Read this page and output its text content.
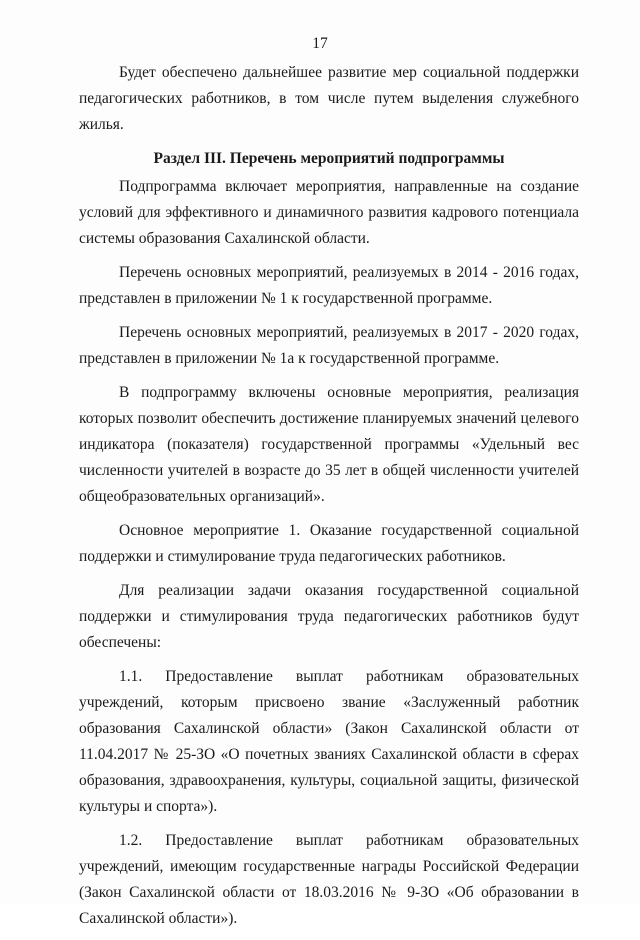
17

Будет обеспечено дальнейшее развитие мер социальной поддержки педагогических работников, в том числе путем выделения служебного жилья.

Раздел III. Перечень мероприятий подпрограммы

Подпрограмма включает мероприятия, направленные на создание условий для эффективного и динамичного развития кадрового потенциала системы образования Сахалинской области.

Перечень основных мероприятий, реализуемых в 2014 - 2016 годах, представлен в приложении № 1 к государственной программе.

Перечень основных мероприятий, реализуемых в 2017 - 2020 годах, представлен в приложении № 1а к государственной программе.

В подпрограмму включены основные мероприятия, реализация которых позволит обеспечить достижение планируемых значений целевого индикатора (показателя) государственной программы «Удельный вес численности учителей в возрасте до 35 лет в общей численности учителей общеобразовательных организаций».

Основное мероприятие 1. Оказание государственной социальной поддержки и стимулирование труда педагогических работников.

Для реализации задачи оказания государственной социальной поддержки и стимулирования труда педагогических работников будут обеспечены:

1.1. Предоставление выплат работникам образовательных учреждений, которым присвоено звание «Заслуженный работник образования Сахалинской области» (Закон Сахалинской области от 11.04.2017 № 25-ЗО «О почетных званиях Сахалинской области в сферах образования, здравоохранения, культуры, социальной защиты, физической культуры и спорта»).

1.2. Предоставление выплат работникам образовательных учреждений, имеющим государственные награды Российской Федерации (Закон Сахалинской области от 18.03.2016 № 9-ЗО «Об образовании в Сахалинской области»).
